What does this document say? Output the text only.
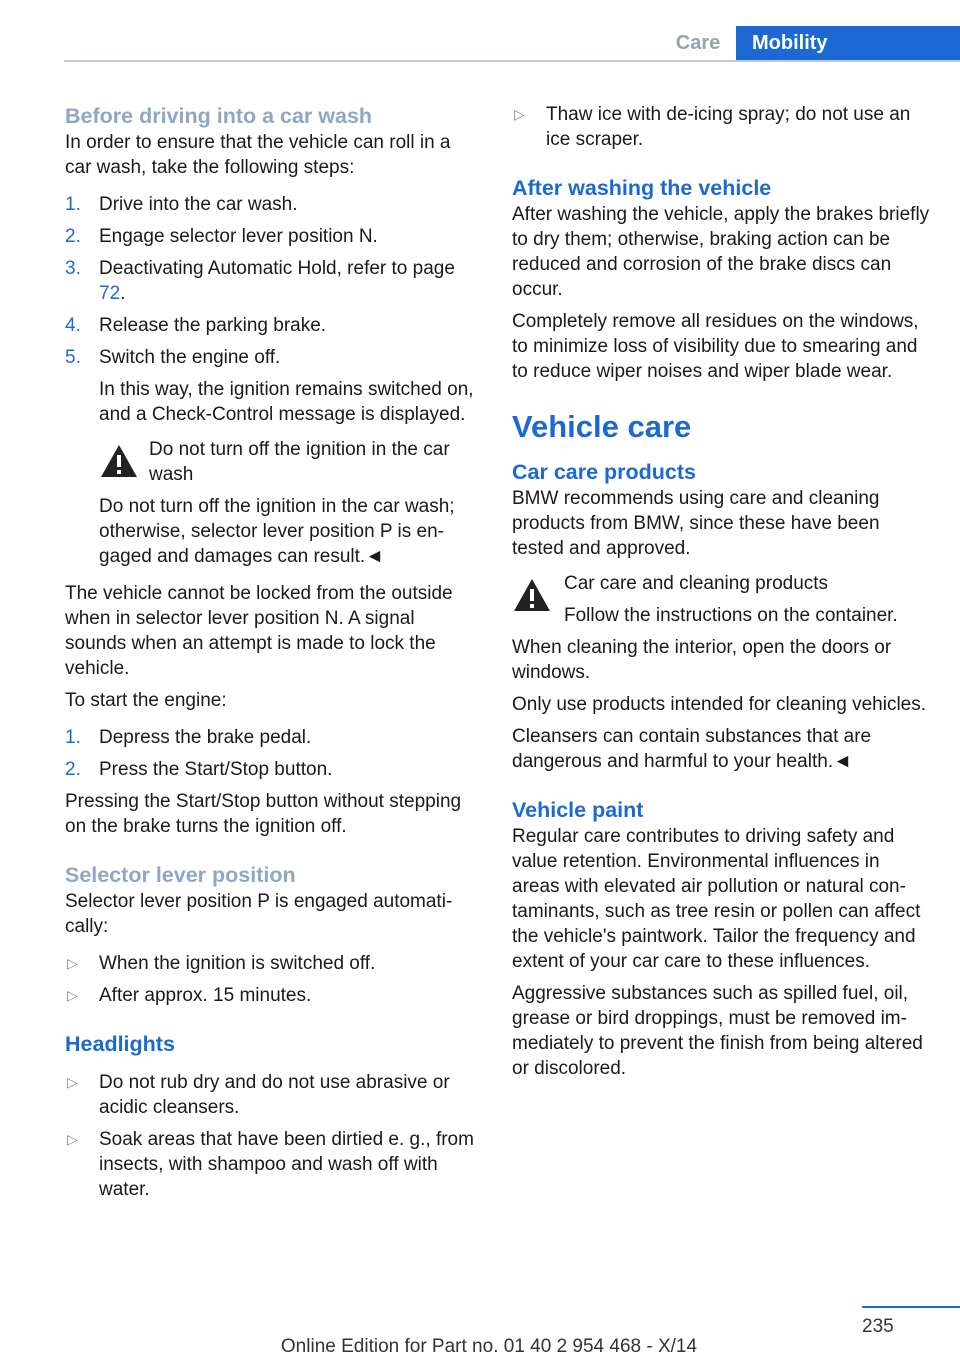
Care	Mobility
Before driving into a car wash

In order to ensure that the vehicle can roll in a car wash, take the following steps:

1. Drive into the car wash.
2. Engage selector lever position N.
3. Deactivating Automatic Hold, refer to page 72.
4. Release the parking brake.
5. Switch the engine off.

In this way, the ignition remains switched on, and a Check-Control message is displayed.

Do not turn off the ignition in the car wash

Do not turn off the ignition in the car wash; otherwise, selector lever position P is engaged and damages can result.◄

The vehicle cannot be locked from the outside when in selector lever position N. A signal sounds when an attempt is made to lock the vehicle.

To start the engine:

1. Depress the brake pedal.
2. Press the Start/Stop button.

Pressing the Start/Stop button without stepping on the brake turns the ignition off.

Selector lever position

Selector lever position P is engaged automatically:

▷ When the ignition is switched off.
▷ After approx. 15 minutes.
Headlights
▷ Do not rub dry and do not use abrasive or acidic cleansers.
▷ Soak areas that have been dirtied e. g., from insects, with shampoo and wash off with water.
▷ Thaw ice with de-icing spray; do not use an ice scraper.
After washing the vehicle

After washing the vehicle, apply the brakes briefly to dry them; otherwise, braking action can be reduced and corrosion of the brake discs can occur.

Completely remove all residues on the windows, to minimize loss of visibility due to smearing and to reduce wiper noises and wiper blade wear.

Vehicle care
Car care products

BMW recommends using care and cleaning products from BMW, since these have been tested and approved.

Car care and cleaning products

Follow the instructions on the container.

When cleaning the interior, open the doors or windows.

Only use products intended for cleaning vehicles.

Cleansers can contain substances that are dangerous and harmful to your health.◄

Vehicle paint

Regular care contributes to driving safety and value retention. Environmental influences in areas with elevated air pollution or natural contaminants, such as tree resin or pollen can affect the vehicle's paintwork. Tailor the frequency and extent of your car care to these influences.

Aggressive substances such as spilled fuel, oil, grease or bird droppings, must be removed immediately to prevent the finish from being altered or discolored.

235
Online Edition for Part no. 01 40 2 954 468 - X/14
